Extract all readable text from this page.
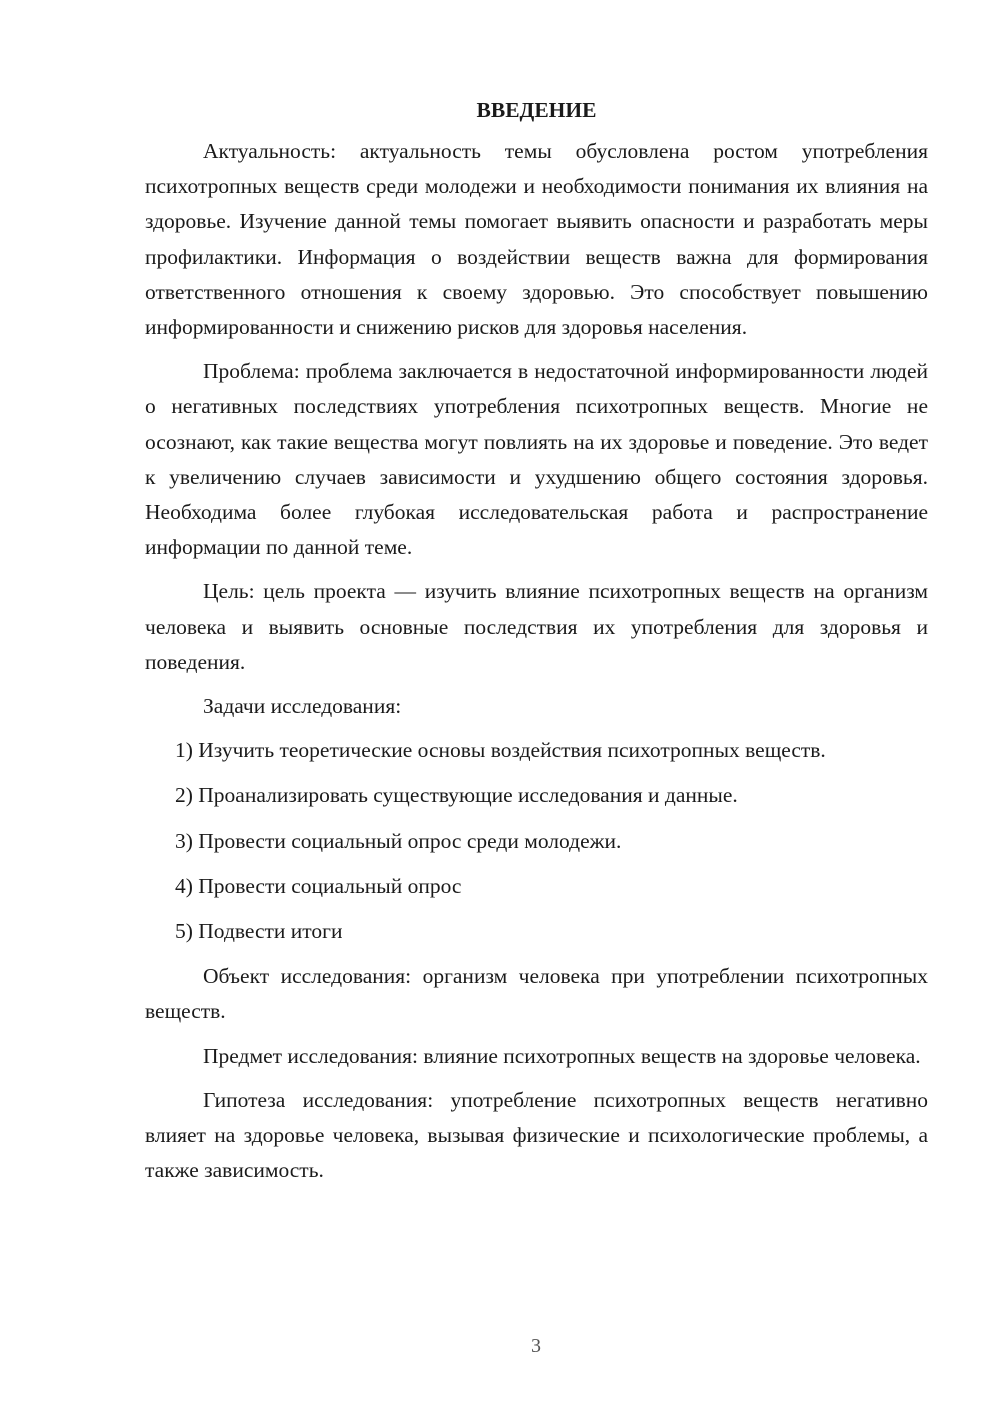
ВВЕДЕНИЕ

Актуальность: актуальность темы обусловлена ростом употребления психотропных веществ среди молодежи и необходимости понимания их влияния на здоровье. Изучение данной темы помогает выявить опасности и разработать меры профилактики. Информация о воздействии веществ важна для формирования ответственного отношения к своему здоровью. Это способствует повышению информированности и снижению рисков для здоровья населения.

Проблема: проблема заключается в недостаточной информированности людей о негативных последствиях употребления психотропных веществ. Многие не осознают, как такие вещества могут повлиять на их здоровье и поведение. Это ведет к увеличению случаев зависимости и ухудшению общего состояния здоровья. Необходима более глубокая исследовательская работа и распространение информации по данной теме.

Цель: цель проекта — изучить влияние психотропных веществ на организм человека и выявить основные последствия их употребления для здоровья и поведения.

Задачи исследования:

1) Изучить теоретические основы воздействия психотропных веществ.
2) Проанализировать существующие исследования и данные.
3) Провести социальный опрос среди молодежи.
4) Провести социальный опрос
5) Подвести итоги

Объект исследования: организм человека при употреблении психотропных веществ.

Предмет исследования: влияние психотропных веществ на здоровье человека.

Гипотеза исследования: употребление психотропных веществ негативно влияет на здоровье человека, вызывая физические и психологические проблемы, а также зависимость.

3
